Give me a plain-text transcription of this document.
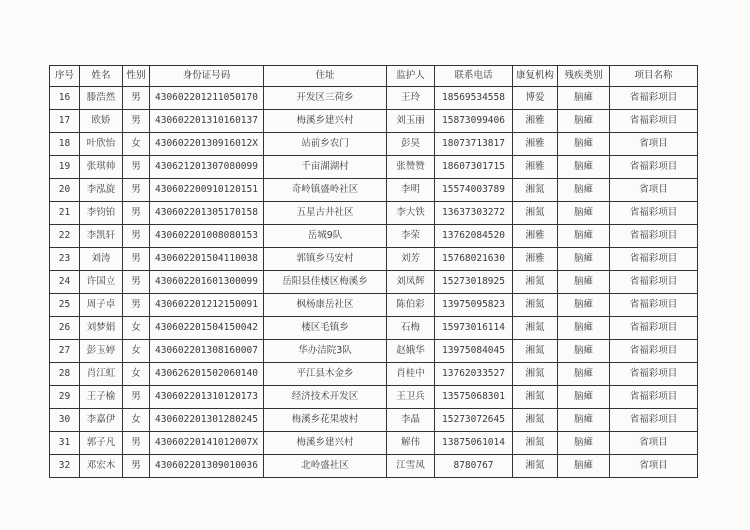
序号	姓名	性别	身份证号码	住址	监护人	联系电话	康复机构	残疾类别	项目名称
16	滕浩然	男	430602201211050170	开发区三荷乡	王玲	18569534558	博爱	脑瘫	省福彩项目
17	欧娇	男	430602201310160137	梅溪乡建兴村	刘玉丽	15873099406	湘雅	脑瘫	省福彩项目
18	叶欣怡	女	43060220130916012X	站前乡农门	彭昊	18073713817	湘雅	脑瘫	省项目
19	张琪帅	男	430621201307080099	千亩湖湖村	张赞赞	18607301715	湘雅	脑瘫	省福彩项目
20	李泓旋	男	430602200910120151	奇岭镇盛岭社区	李明	15574003789	湘氮	脑瘫	省项目
21	李钧铂	男	430602201305170158	五星古井社区	李大铁	13637303272	湘氮	脑瘫	省福彩项目
22	李凯轩	男	430602201008080153	岳城9队	李荣	13762084520	湘雅	脑瘫	省福彩项目
23	刘涛	男	430602201504110038	郭镇乡马安村	刘芳	15768021630	湘雅	脑瘫	省福彩项目
24	许国立	男	430602201601300099	岳阳县佳楼区梅溪乡	刘凤辉	15273018925	湘氮	脑瘫	省福彩项目
25	周子卓	男	430602201212150091	枫杨康岳社区	陈伯彩	13975095823	湘氮	脑瘫	省福彩项目
26	刘梦娟	女	430602201504150042	楼区毛镇乡	石梅	15973016114	湘氮	脑瘫	省福彩项目
27	彭玉婷	女	430602201308160007	华办洁院3队	赵娥华	13975084045	湘氮	脑瘫	省福彩项目
28	肖江虹	女	430626201502060140	平江县木金乡	肖桂中	13762033527	湘氮	脑瘫	省福彩项目
29	王子榆	男	430602201310120173	经济技术开发区	王卫兵	13575068301	湘氮	脑瘫	省福彩项目
30	李嘉伊	女	430602201301280245	梅溪乡花果坡村	李晶	15273072645	湘氮	脑瘫	省福彩项目
31	郭子凡	男	43060220141012007X	梅溪乡建兴村	解伟	13875061014	湘氮	脑瘫	省项目
32	邓宏木	男	430602201309010036	北岭盛社区	江雪凤	8780767	湘氮	脑瘫	省项目
